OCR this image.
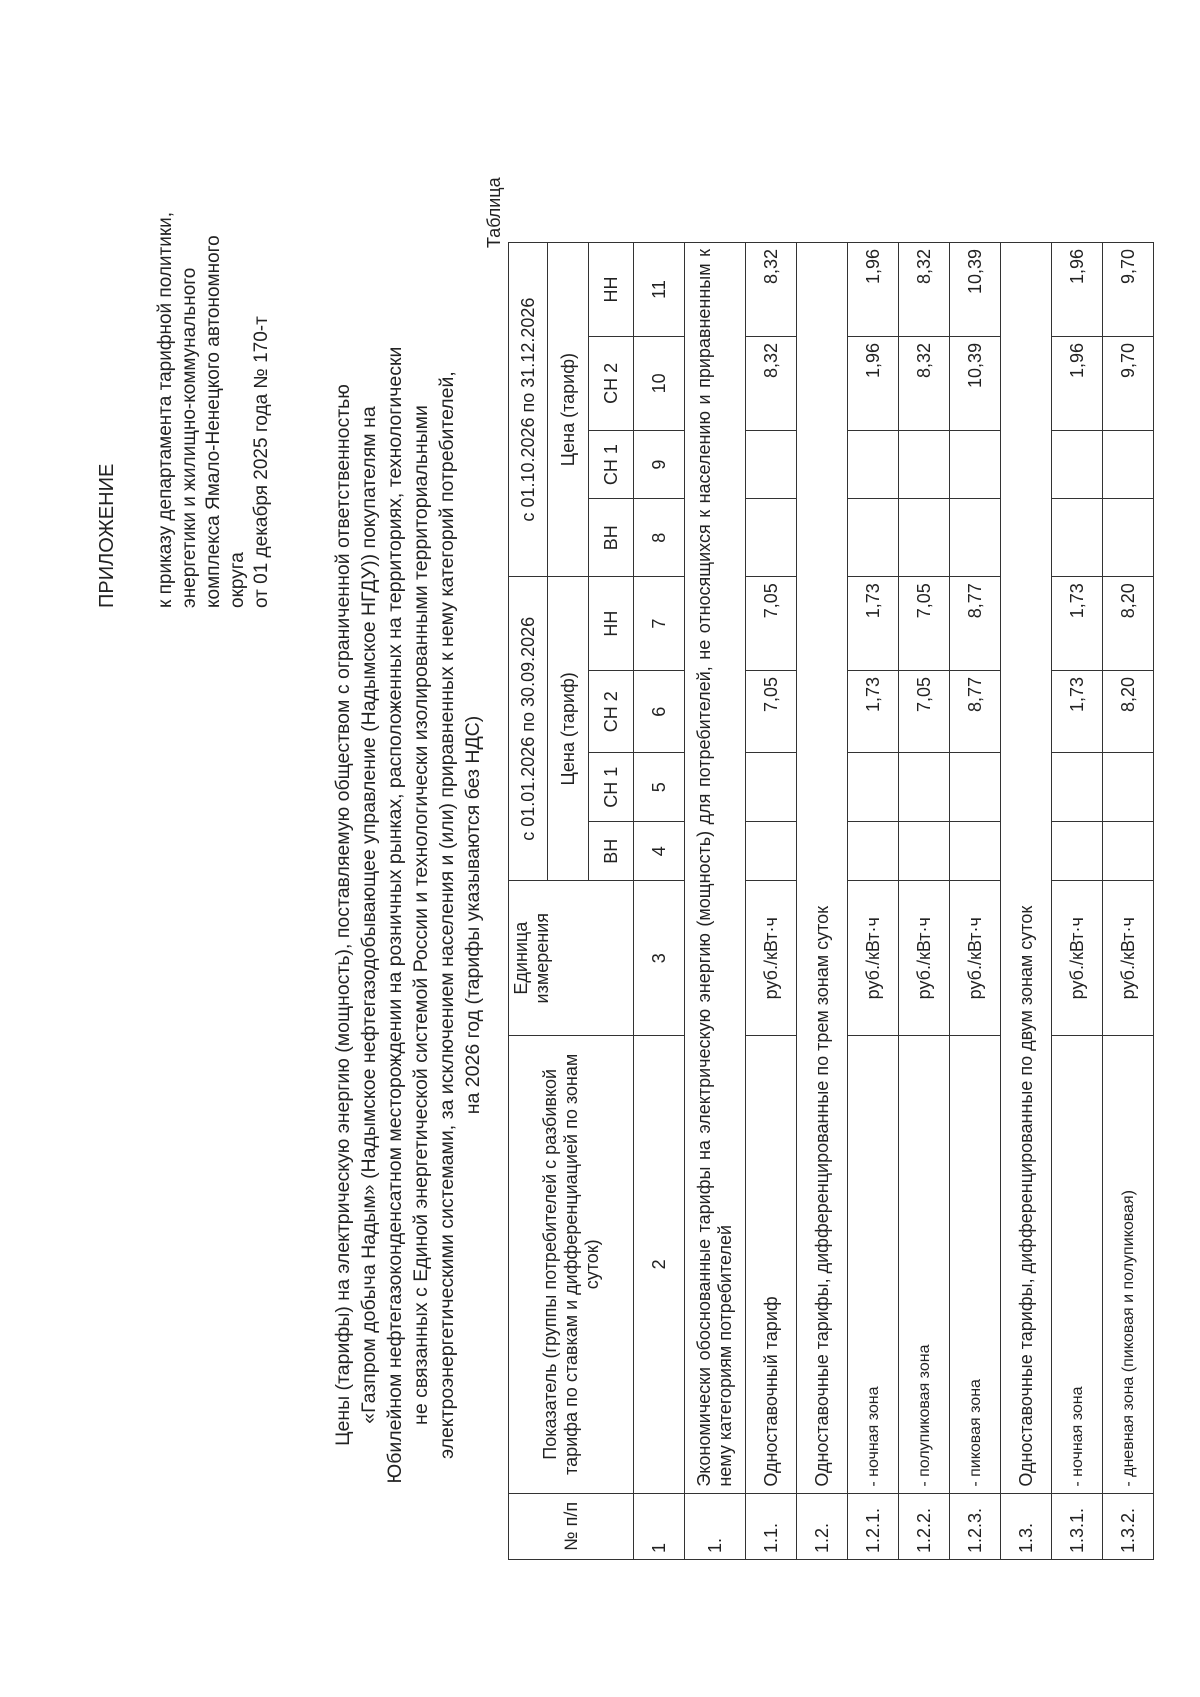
ПРИЛОЖЕНИЕ к приказу департамента тарифной политики, энергетики и жилищно-коммунального комплекса Ямало-Ненецкого автономного округа от 01 декабря 2025 года № 170-т	Цены (тарифы) на электрическую энергию (мощность), поставляемую обществом с ограниченной ответственностью «Газпром добыча Надым» (Надымское нефтегазодобывающее управление (Надымское НГДУ)) покупателям на Юбилейном нефтегазоконденсатном месторождении на розничных рынках, расположенных на территориях, технологически не связанных с Единой энергетической системой России и технологически изолированными территориальными электроэнергетическими системами, за исключением населения и (или) приравненных к нему категорий потребителей, на 2026 год (тарифы указываются без НДС)
Таблица
№ п/п	Показатель (группы потребителей с разбивкой тарифа по ставкам и дифференциацией по зонам суток)	Единица измерения	с 01.01.2026 по 30.09.2026				с 01.10.2026 по 31.12.2026			
			Цена (тариф)				Цена (тариф)			
			ВН	СН 1	СН 2	НН	ВН	СН 1	СН 2	НН
1	2	3	4	5	6	7	8	9	10	11
1.	Экономически обоснованные тарифы на электрическую энергию (мощность) для потребителей, не относящихся к населению и приравненным к нему категориям потребителей									
1.1.	Одноставочный тариф	руб./кВт·ч			7,05	7,05			8,32	8,32
1.2.	Одноставочные тарифы, дифференцированные по трем зонам суток									
1.2.1.	- ночная зона	руб./кВт·ч			1,73	1,73			1,96	1,96
1.2.2.	- полупиковая зона	руб./кВт·ч			7,05	7,05			8,32	8,32
1.2.3.	- пиковая зона	руб./кВт·ч			8,77	8,77			10,39	10,39
1.3.	Одноставочные тарифы, дифференцированные по двум зонам суток									
1.3.1.	- ночная зона	руб./кВт·ч			1,73	1,73			1,96	1,96
1.3.2.	- дневная зона (пиковая и полупиковая)	руб./кВт·ч			8,20	8,20			9,70	9,70
